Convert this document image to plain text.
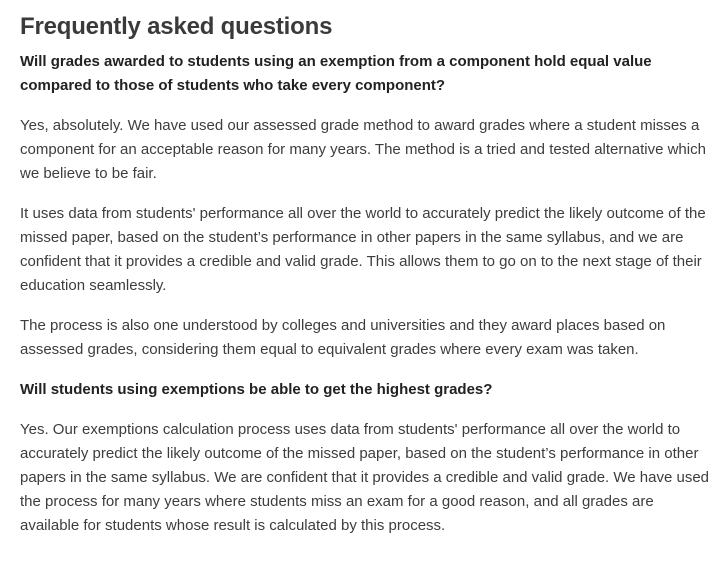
Frequently asked questions

Will grades awarded to students using an exemption from a component hold equal value compared to those of students who take every component?

Yes, absolutely. We have used our assessed grade method to award grades where a student misses a component for an acceptable reason for many years. The method is a tried and tested alternative which we believe to be fair.

It uses data from students' performance all over the world to accurately predict the likely outcome of the missed paper, based on the student’s performance in other papers in the same syllabus, and we are confident that it provides a credible and valid grade. This allows them to go on to the next stage of their education seamlessly.

The process is also one understood by colleges and universities and they award places based on assessed grades, considering them equal to equivalent grades where every exam was taken.

Will students using exemptions be able to get the highest grades?

Yes. Our exemptions calculation process uses data from students' performance all over the world to accurately predict the likely outcome of the missed paper, based on the student’s performance in other papers in the same syllabus. We are confident that it provides a credible and valid grade. We have used the process for many years where students miss an exam for a good reason, and all grades are available for students whose result is calculated by this process.
